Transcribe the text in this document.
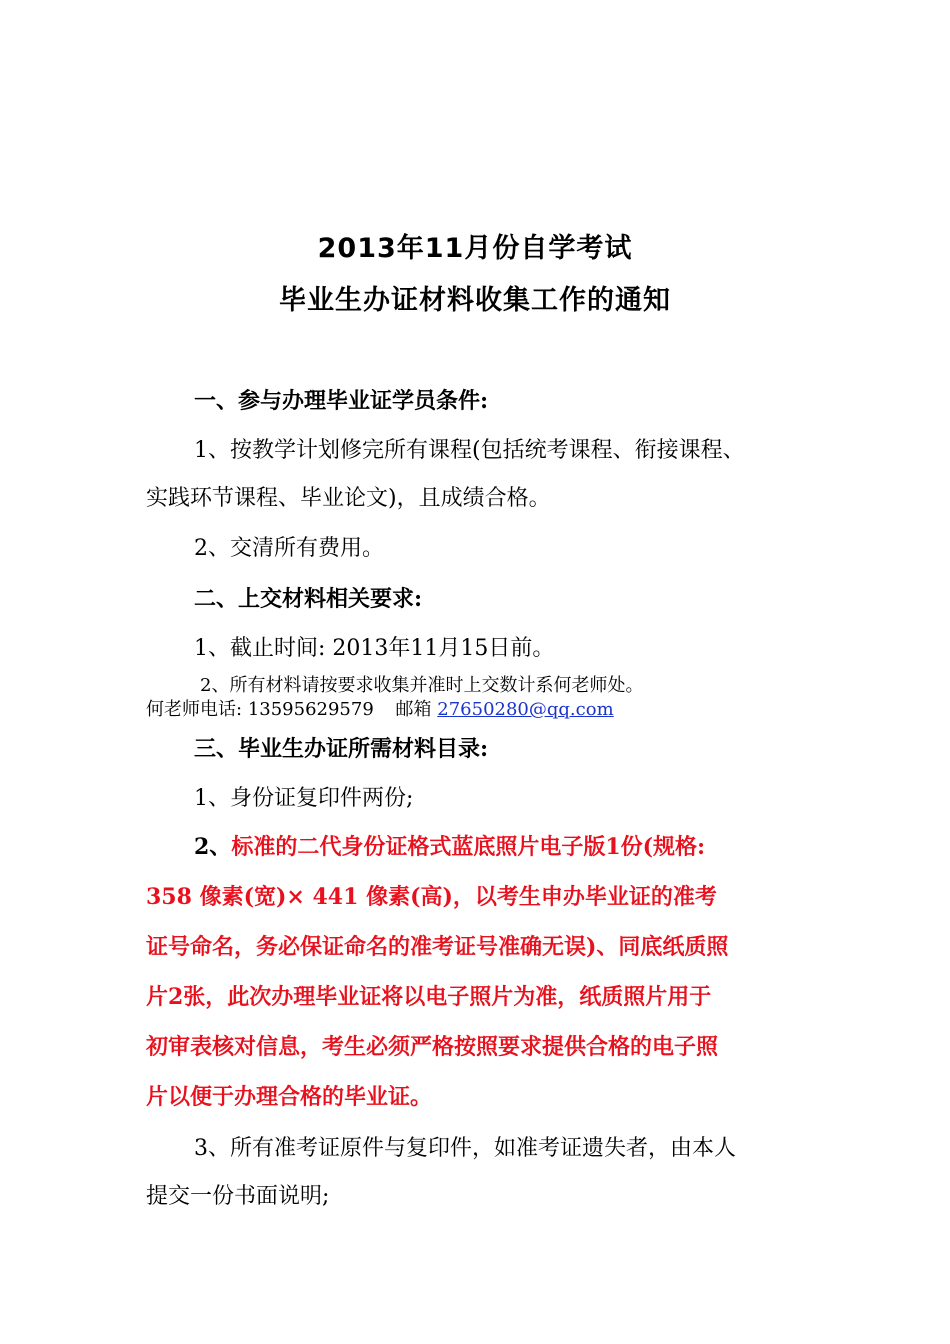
2013年11月份自学考试
毕业生办证材料收集工作的通知
一、参与办理毕业证学员条件:
1、按教学计划修完所有课程(包括统考课程、衔接课程、
实践环节课程、毕业论文)，且成绩合格。
2、交清所有费用。
二、上交材料相关要求:
1、截止时间: 2013年11月15日前。
2、所有材料请按要求收集并准时上交数计系何老师处。
何老师电话: 13595629579 邮箱 27650280@qq.com
三、毕业生办证所需材料目录:
1、身份证复印件两份;
2、标准的二代身份证格式蓝底照片电子版1份(规格:
358 像素(宽)× 441 像素(高)，以考生申办毕业证的准考
证号命名，务必保证命名的准考证号准确无误)、同底纸质照
片2张，此次办理毕业证将以电子照片为准，纸质照片用于
初审表核对信息，考生必须严格按照要求提供合格的电子照
片以便于办理合格的毕业证。
3、所有准考证原件与复印件，如准考证遗失者，由本人
提交一份书面说明;
